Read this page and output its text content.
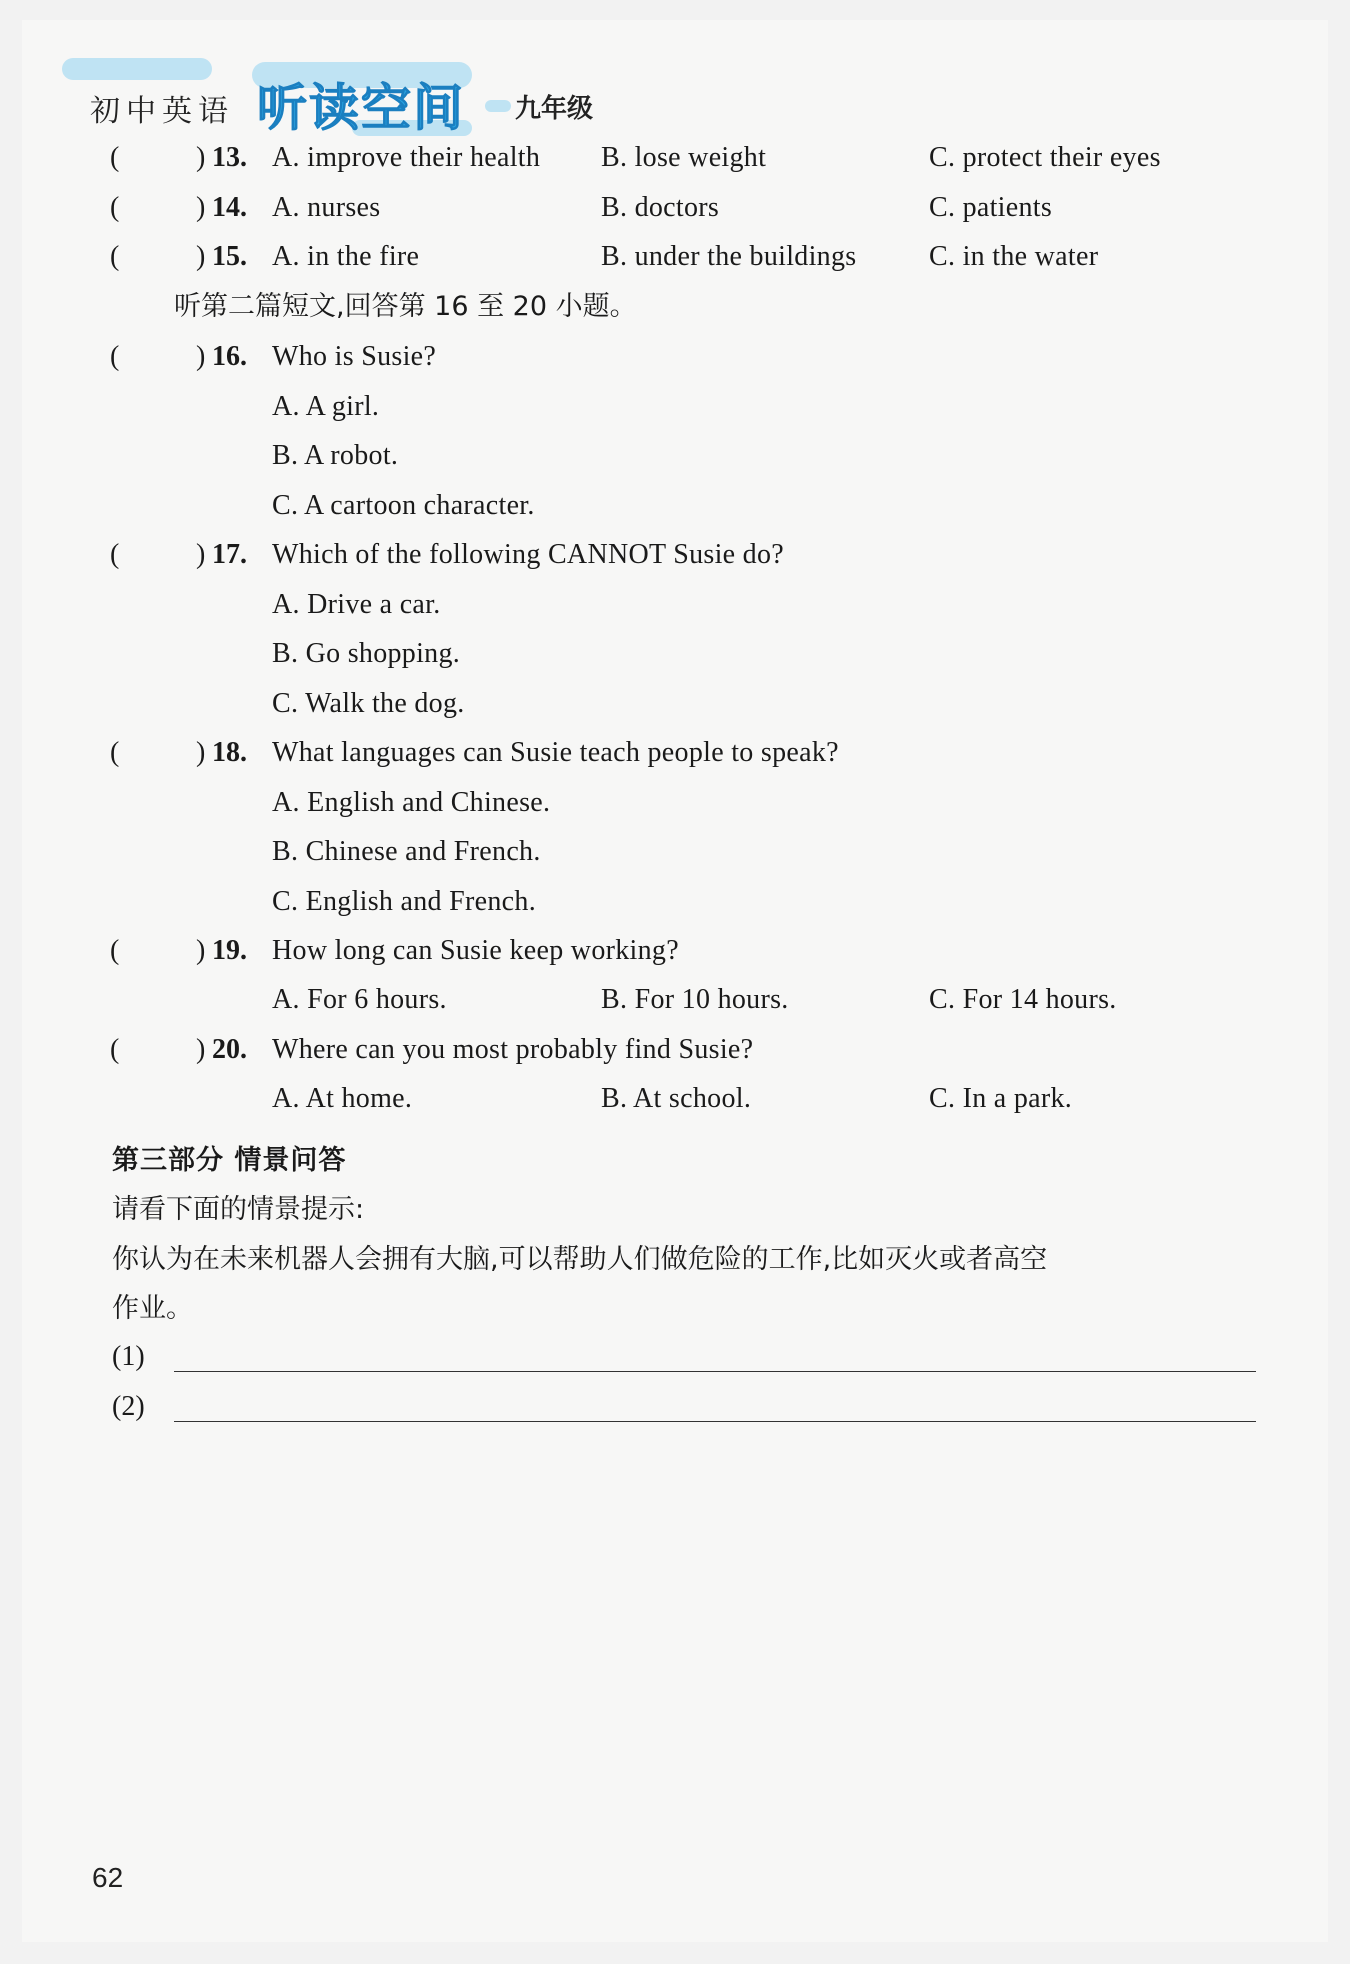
初中英语 听读空间 九年级
(	) 13. A. improve their health B. lose weight	C. protect their eyes
(	) 14. A. nurses	B. doctors	C. patients
(	) 15. A. in the fire	B. under the buildings	C. in the water
听第二篇短文,回答第 16 至 20 小题。
(	) 16. Who is Susie?
A. A girl.
B. A robot.
C. A cartoon character.
(	) 17. Which of the following CANNOT Susie do?
A. Drive a car.
B. Go shopping.
C. Walk the dog.
(	) 18. What languages can Susie teach people to speak?
A. English and Chinese.
B. Chinese and French.
C. English and French.
(	) 19. How long can Susie keep working?
A. For 6 hours.	B. For 10 hours.	C. For 14 hours.
(	) 20. Where can you most probably find Susie?
A. At home.	B. At school.	C. In a park.
第三部分 情景问答
请看下面的情景提示:
你认为在未来机器人会拥有大脑,可以帮助人们做危险的工作,比如灭火或者高空
作业。
(1)
(2)
62
